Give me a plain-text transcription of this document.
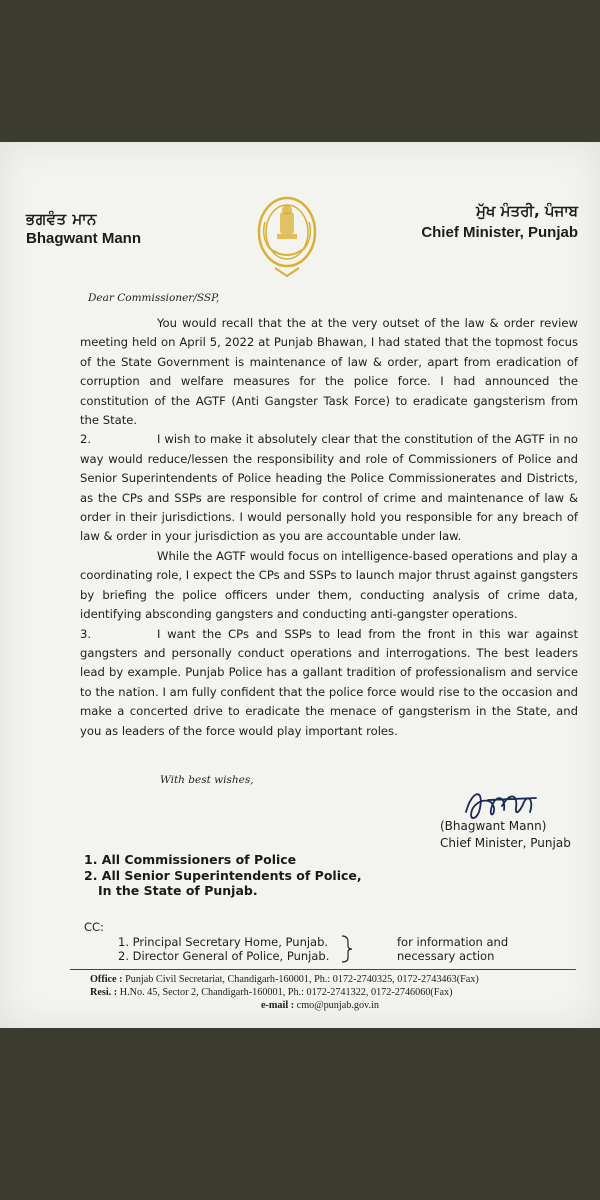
ਭਗਵੰਤ ਮਾਨ
Bhagwant Mann
ਮੁੱਖ ਮੰਤਰੀ, ਪੰਜਾਬ
Chief Minister, Punjab
Dear Commissioner/SSP,

You would recall that the at the very outset of the law & order review meeting held on April 5, 2022 at Punjab Bhawan, I had stated that the topmost focus of the State Government is maintenance of law & order, apart from eradication of corruption and welfare measures for the police force. I had announced the constitution of the AGTF (Anti Gangster Task Force) to eradicate gangsterism from the State.

2.	I wish to make it absolutely clear that the constitution of the AGTF in no way would reduce/lessen the responsibility and role of Commissioners of Police and Senior Superintendents of Police heading the Police Commissionerates and Districts, as the CPs and SSPs are responsible for control of crime and maintenance of law & order in their jurisdictions. I would personally hold you responsible for any breach of law & order in your jurisdiction as you are accountable under law.

While the AGTF would focus on intelligence-based operations and play a coordinating role, I expect the CPs and SSPs to launch major thrust against gangsters by briefing the police officers under them, conducting analysis of crime data, identifying absconding gangsters and conducting anti-gangster operations.

3.	I want the CPs and SSPs to lead from the front in this war against gangsters and personally conduct operations and interrogations. The best leaders lead by example. Punjab Police has a gallant tradition of professionalism and service to the nation. I am fully confident that the police force would rise to the occasion and make a concerted drive to eradicate the menace of gangsterism in the State, and you as leaders of the force would play important roles.

With best wishes,
(Bhagwant Mann)
Chief Minister, Punjab
1. All Commissioners of Police
2. All Senior Superintendents of Police,
In the State of Punjab.
CC:
1. Principal Secretary Home, Punjab.
2. Director General of Police, Punjab.
for information and
necessary action
Office : Punjab Civil Secretariat, Chandigarh-160001, Ph.: 0172-2740325, 0172-2743463(Fax)
Resi. : H.No. 45, Sector 2, Chandigarh-160001, Ph.: 0172-2741322, 0172-2746060(Fax)
e-mail : cmo@punjab.gov.in
